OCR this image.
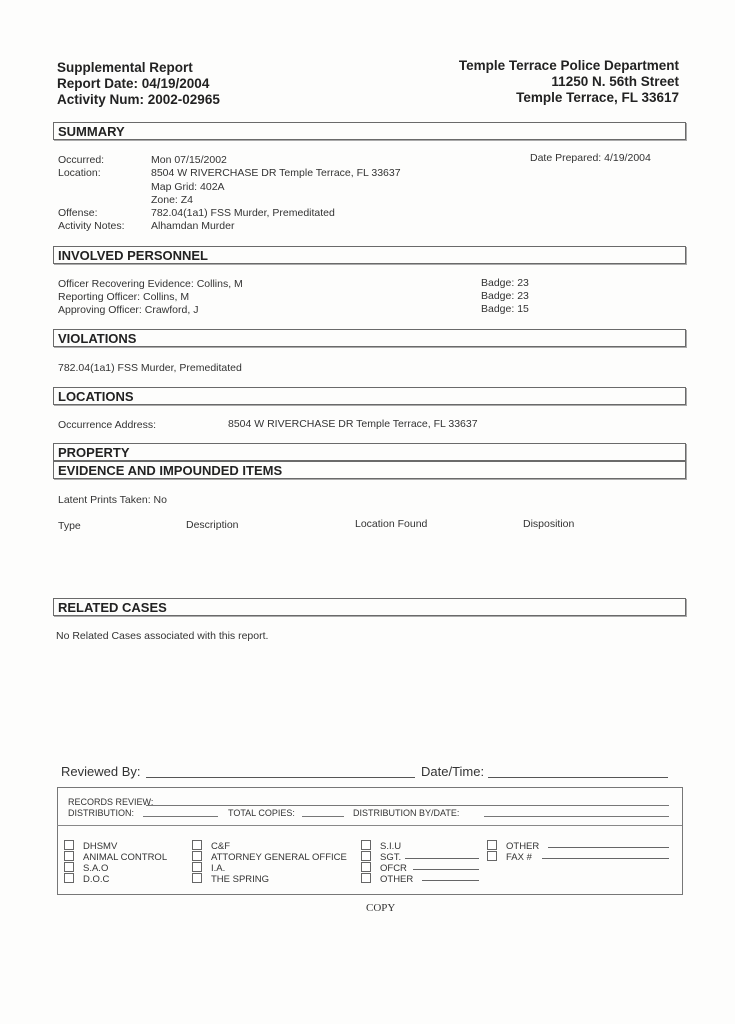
Supplemental Report
Report Date: 04/19/2004
Activity Num: 2002-02965
Temple Terrace Police Department
11250 N. 56th Street
Temple Terrace, FL 33617
SUMMARY
Date Prepared: 4/19/2004
Occurred:	Mon 07/15/2002
Location:	8504 W RIVERCHASE DR Temple Terrace, FL 33637
Map Grid: 402A
Zone: Z4
Offense:	782.04(1a1) FSS Murder, Premeditated
Activity Notes:	Alhamdan Murder
INVOLVED PERSONNEL
Officer Recovering Evidence: Collins, M	Badge: 23
Reporting Officer: Collins, M	Badge: 23
Approving Officer: Crawford, J	Badge: 15
VIOLATIONS
782.04(1a1) FSS Murder, Premeditated
LOCATIONS
Occurrence Address:	8504 W RIVERCHASE DR Temple Terrace, FL 33637
PROPERTY
EVIDENCE AND IMPOUNDED ITEMS
Latent Prints Taken: No
Type	Description	Location Found	Disposition
RELATED CASES
No Related Cases associated with this report.
Reviewed By:	Date/Time:
RECORDS REVIEW:
DISTRIBUTION:	TOTAL COPIES:	DISTRIBUTION BY/DATE:
DHSMV
ANIMAL CONTROL
S.A.O
D.O.C
C&F
ATTORNEY GENERAL OFFICE
I.A.
THE SPRING
S.I.U
SGT.
OFCR
OTHER
OTHER
FAX #
COPY
